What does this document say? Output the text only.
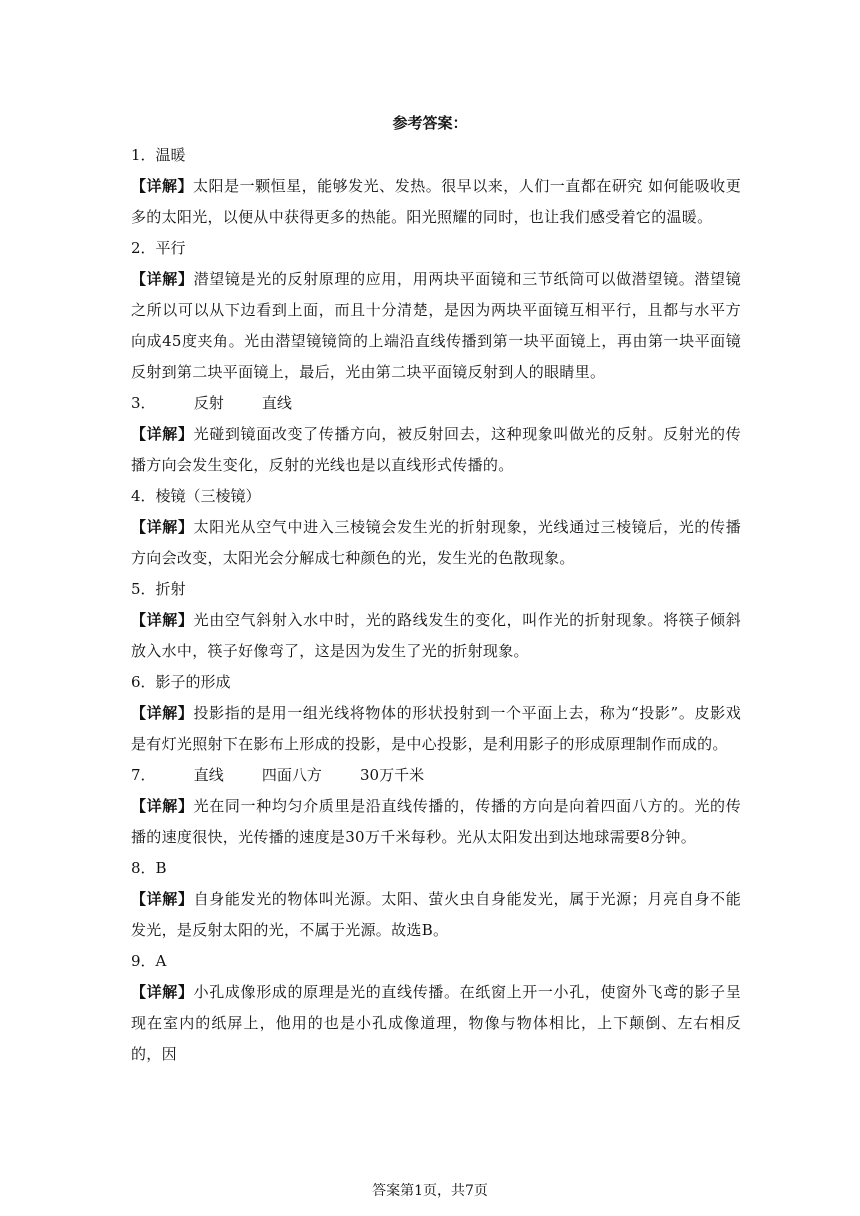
参考答案：

1．温暖

【详解】太阳是一颗恒星，能够发光、发热。很早以来，人们一直都在研究 如何能吸收更多的太阳光，以便从中获得更多的热能。阳光照耀的同时，也让我们感受着它的温暖。

2．平行

【详解】潜望镜是光的反射原理的应用，用两块平面镜和三节纸筒可以做潜望镜。潜望镜之所以可以从下边看到上面，而且十分清楚，是因为两块平面镜互相平行，且都与水平方向成45度夹角。光由潜望镜镜筒的上端沿直线传播到第一块平面镜上，再由第一块平面镜反射到第二块平面镜上，最后，光由第二块平面镜反射到人的眼睛里。

3．        反射        直线

【详解】光碰到镜面改变了传播方向，被反射回去，这种现象叫做光的反射。反射光的传播方向会发生变化，反射的光线也是以直线形式传播的。

4．棱镜（三棱镜）

【详解】太阳光从空气中进入三棱镜会发生光的折射现象，光线通过三棱镜后，光的传播方向会改变，太阳光会分解成七种颜色的光，发生光的色散现象。

5．折射

【详解】光由空气斜射入水中时，光的路线发生的变化，叫作光的折射现象。将筷子倾斜放入水中，筷子好像弯了，这是因为发生了光的折射现象。

6．影子的形成

【详解】投影指的是用一组光线将物体的形状投射到一个平面上去，称为“投影”。皮影戏是有灯光照射下在影布上形成的投影，是中心投影，是利用影子的形成原理制作而成的。

7．        直线        四面八方        30万千米

【详解】光在同一种均匀介质里是沿直线传播的，传播的方向是向着四面八方的。光的传播的速度很快，光传播的速度是30万千米每秒。光从太阳发出到达地球需要8分钟。

8．B

【详解】自身能发光的物体叫光源。太阳、萤火虫自身能发光，属于光源；月亮自身不能发光，是反射太阳的光，不属于光源。故选B。

9．A

【详解】小孔成像形成的原理是光的直线传播。在纸窗上开一小孔，使窗外飞鸢的影子呈现在室内的纸屏上，他用的也是小孔成像道理，物像与物体相比，上下颠倒、左右相反的，因

答案第1页，共7页
